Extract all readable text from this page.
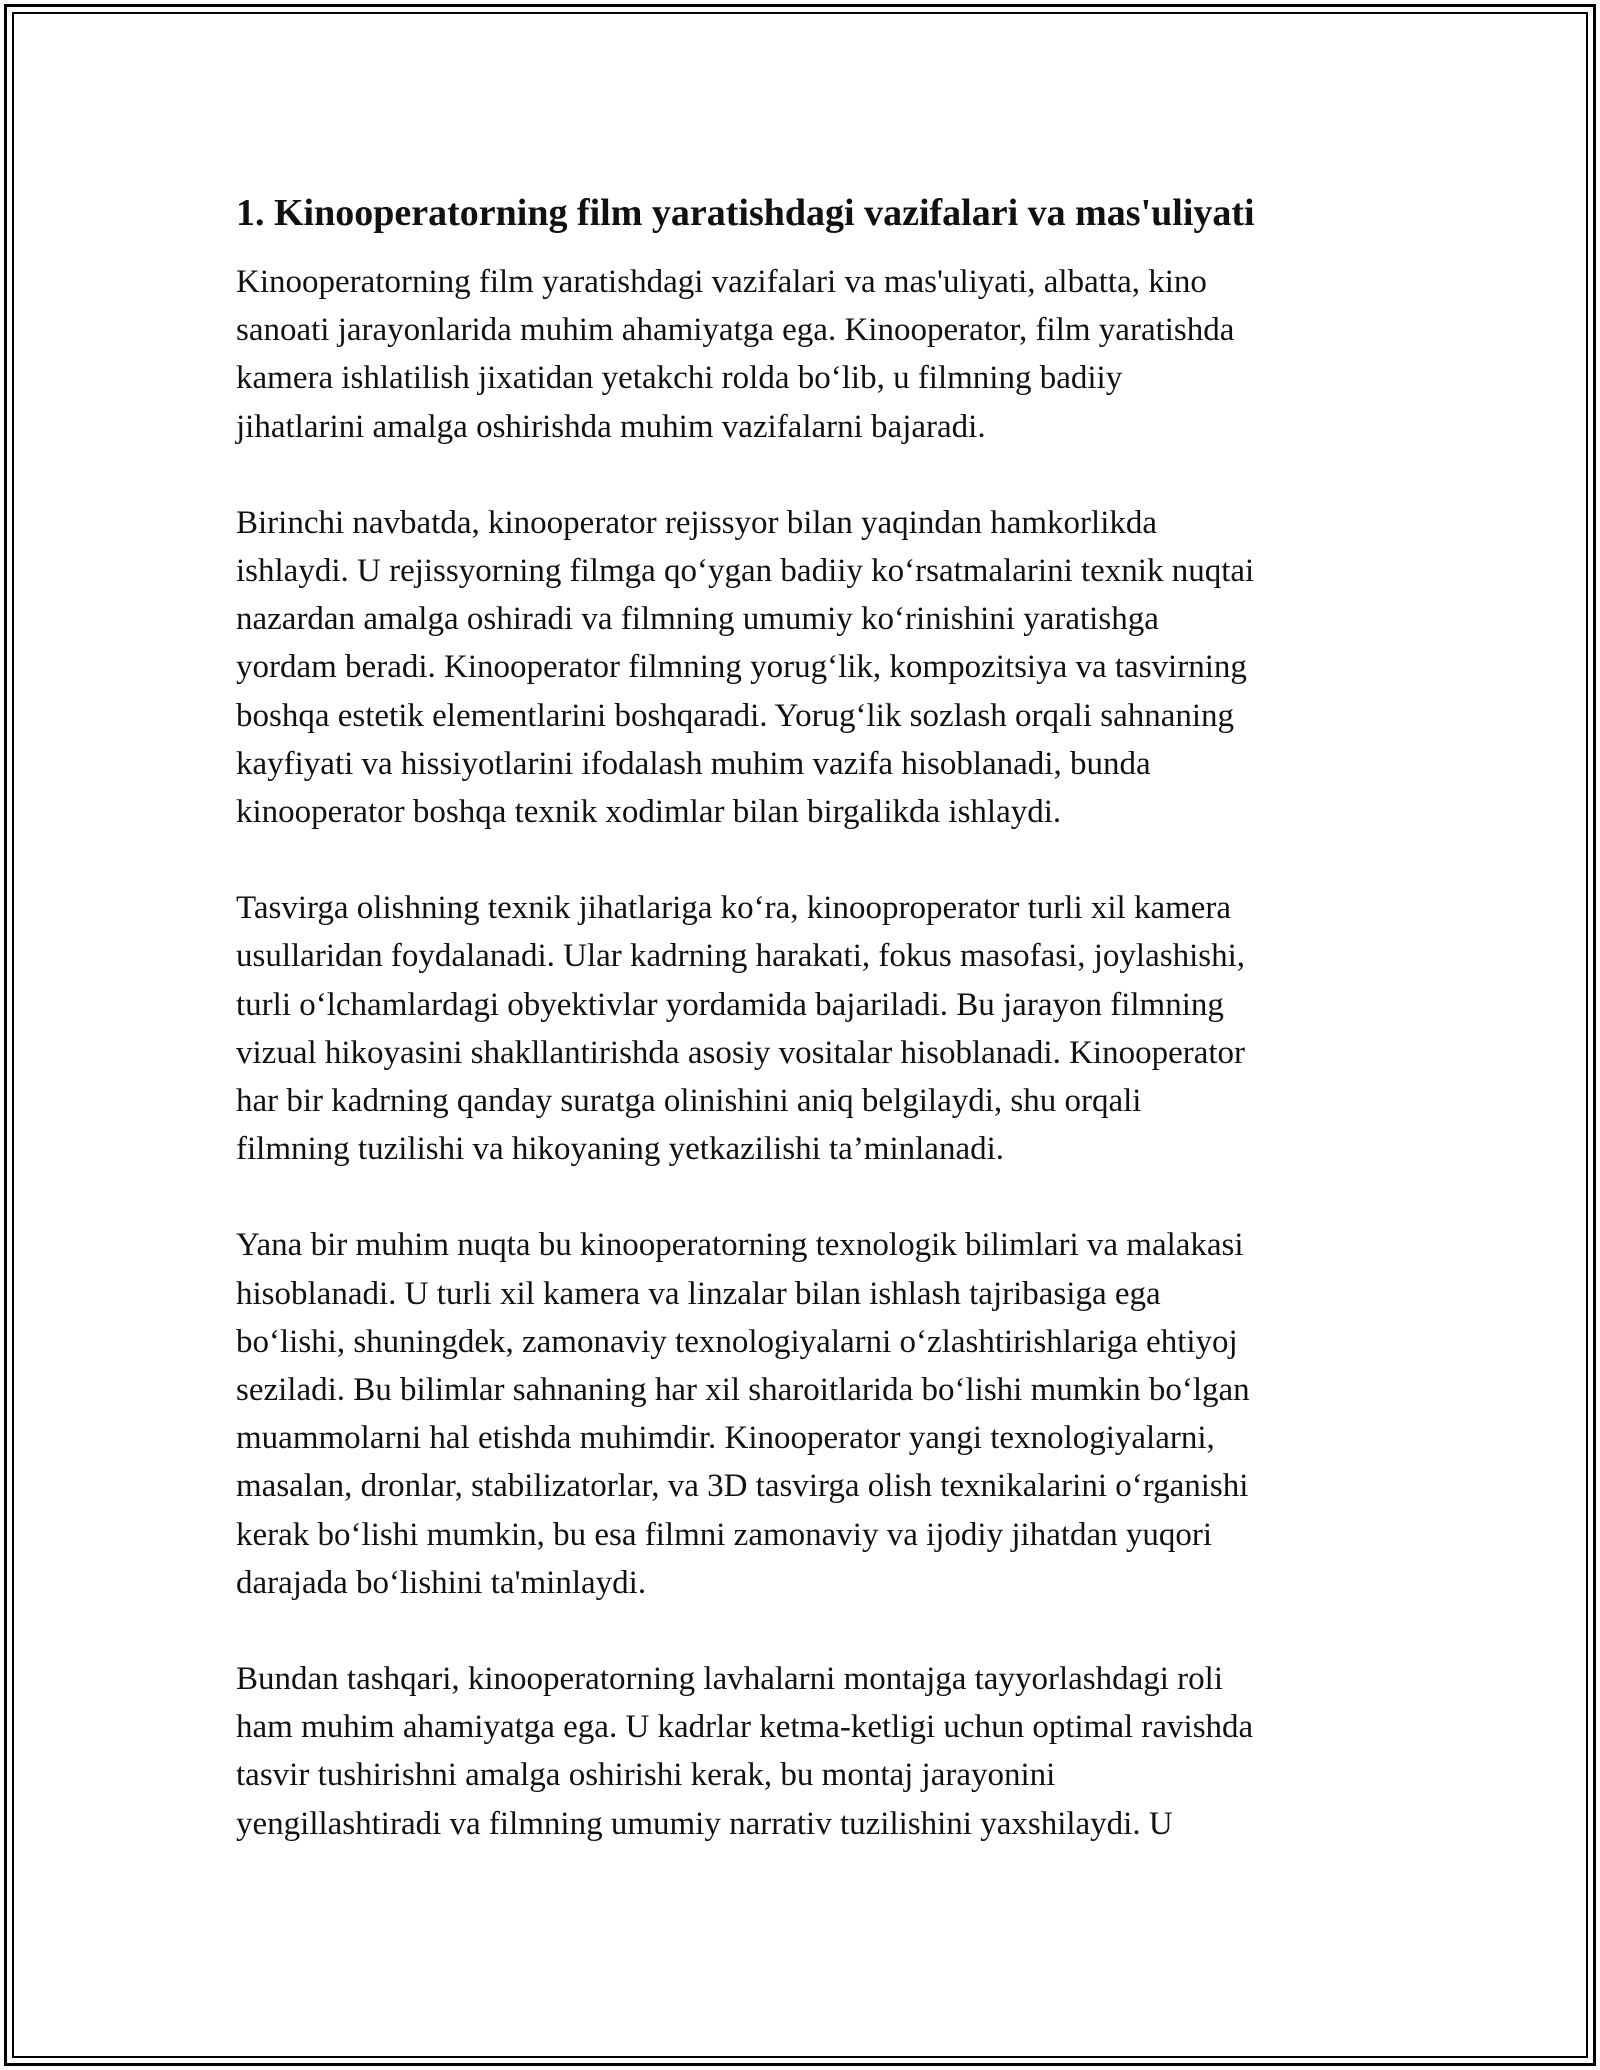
1. Kinooperatorning film yaratishdagi vazifalari va mas'uliyati

Kinooperatorning film yaratishdagi vazifalari va mas'uliyati, albatta, kino
sanoati jarayonlarida muhim ahamiyatga ega. Kinooperator, film yaratishda
kamera ishlatilish jixatidan yetakchi rolda bo‘lib, u filmning badiiy
jihatlarini amalga oshirishda muhim vazifalarni bajaradi.

Birinchi navbatda, kinooperator rejissyor bilan yaqindan hamkorlikda
ishlaydi. U rejissyorning filmga qo‘ygan badiiy ko‘rsatmalarini texnik nuqtai
nazardan amalga oshiradi va filmning umumiy ko‘rinishini yaratishga
yordam beradi. Kinooperator filmning yorug‘lik, kompozitsiya va tasvirning
boshqa estetik elementlarini boshqaradi. Yorug‘lik sozlash orqali sahnaning
kayfiyati va hissiyotlarini ifodalash muhim vazifa hisoblanadi, bunda
kinooperator boshqa texnik xodimlar bilan birgalikda ishlaydi.

Tasvirga olishning texnik jihatlariga ko‘ra, kinooproperator turli xil kamera
usullaridan foydalanadi. Ular kadrning harakati, fokus masofasi, joylashishi,
turli o‘lchamlardagi obyektivlar yordamida bajariladi. Bu jarayon filmning
vizual hikoyasini shakllantirishda asosiy vositalar hisoblanadi. Kinooperator
har bir kadrning qanday suratga olinishini aniq belgilaydi, shu orqali
filmning tuzilishi va hikoyaning yetkazilishi ta’minlanadi.

Yana bir muhim nuqta bu kinooperatorning texnologik bilimlari va malakasi
hisoblanadi. U turli xil kamera va linzalar bilan ishlash tajribasiga ega
bo‘lishi, shuningdek, zamonaviy texnologiyalarni o‘zlashtirishlariga ehtiyoj
seziladi. Bu bilimlar sahnaning har xil sharoitlarida bo‘lishi mumkin bo‘lgan
muammolarni hal etishda muhimdir. Kinooperator yangi texnologiyalarni,
masalan, dronlar, stabilizatorlar, va 3D tasvirga olish texnikalarini o‘rganishi
kerak bo‘lishi mumkin, bu esa filmni zamonaviy va ijodiy jihatdan yuqori
darajada bo‘lishini ta'minlaydi.

Bundan tashqari, kinooperatorning lavhalarni montajga tayyorlashdagi roli
ham muhim ahamiyatga ega. U kadrlar ketma-ketligi uchun optimal ravishda
tasvir tushirishni amalga oshirishi kerak, bu montaj jarayonini
yengillashtiradi va filmning umumiy narrativ tuzilishini yaxshilaydi. U
